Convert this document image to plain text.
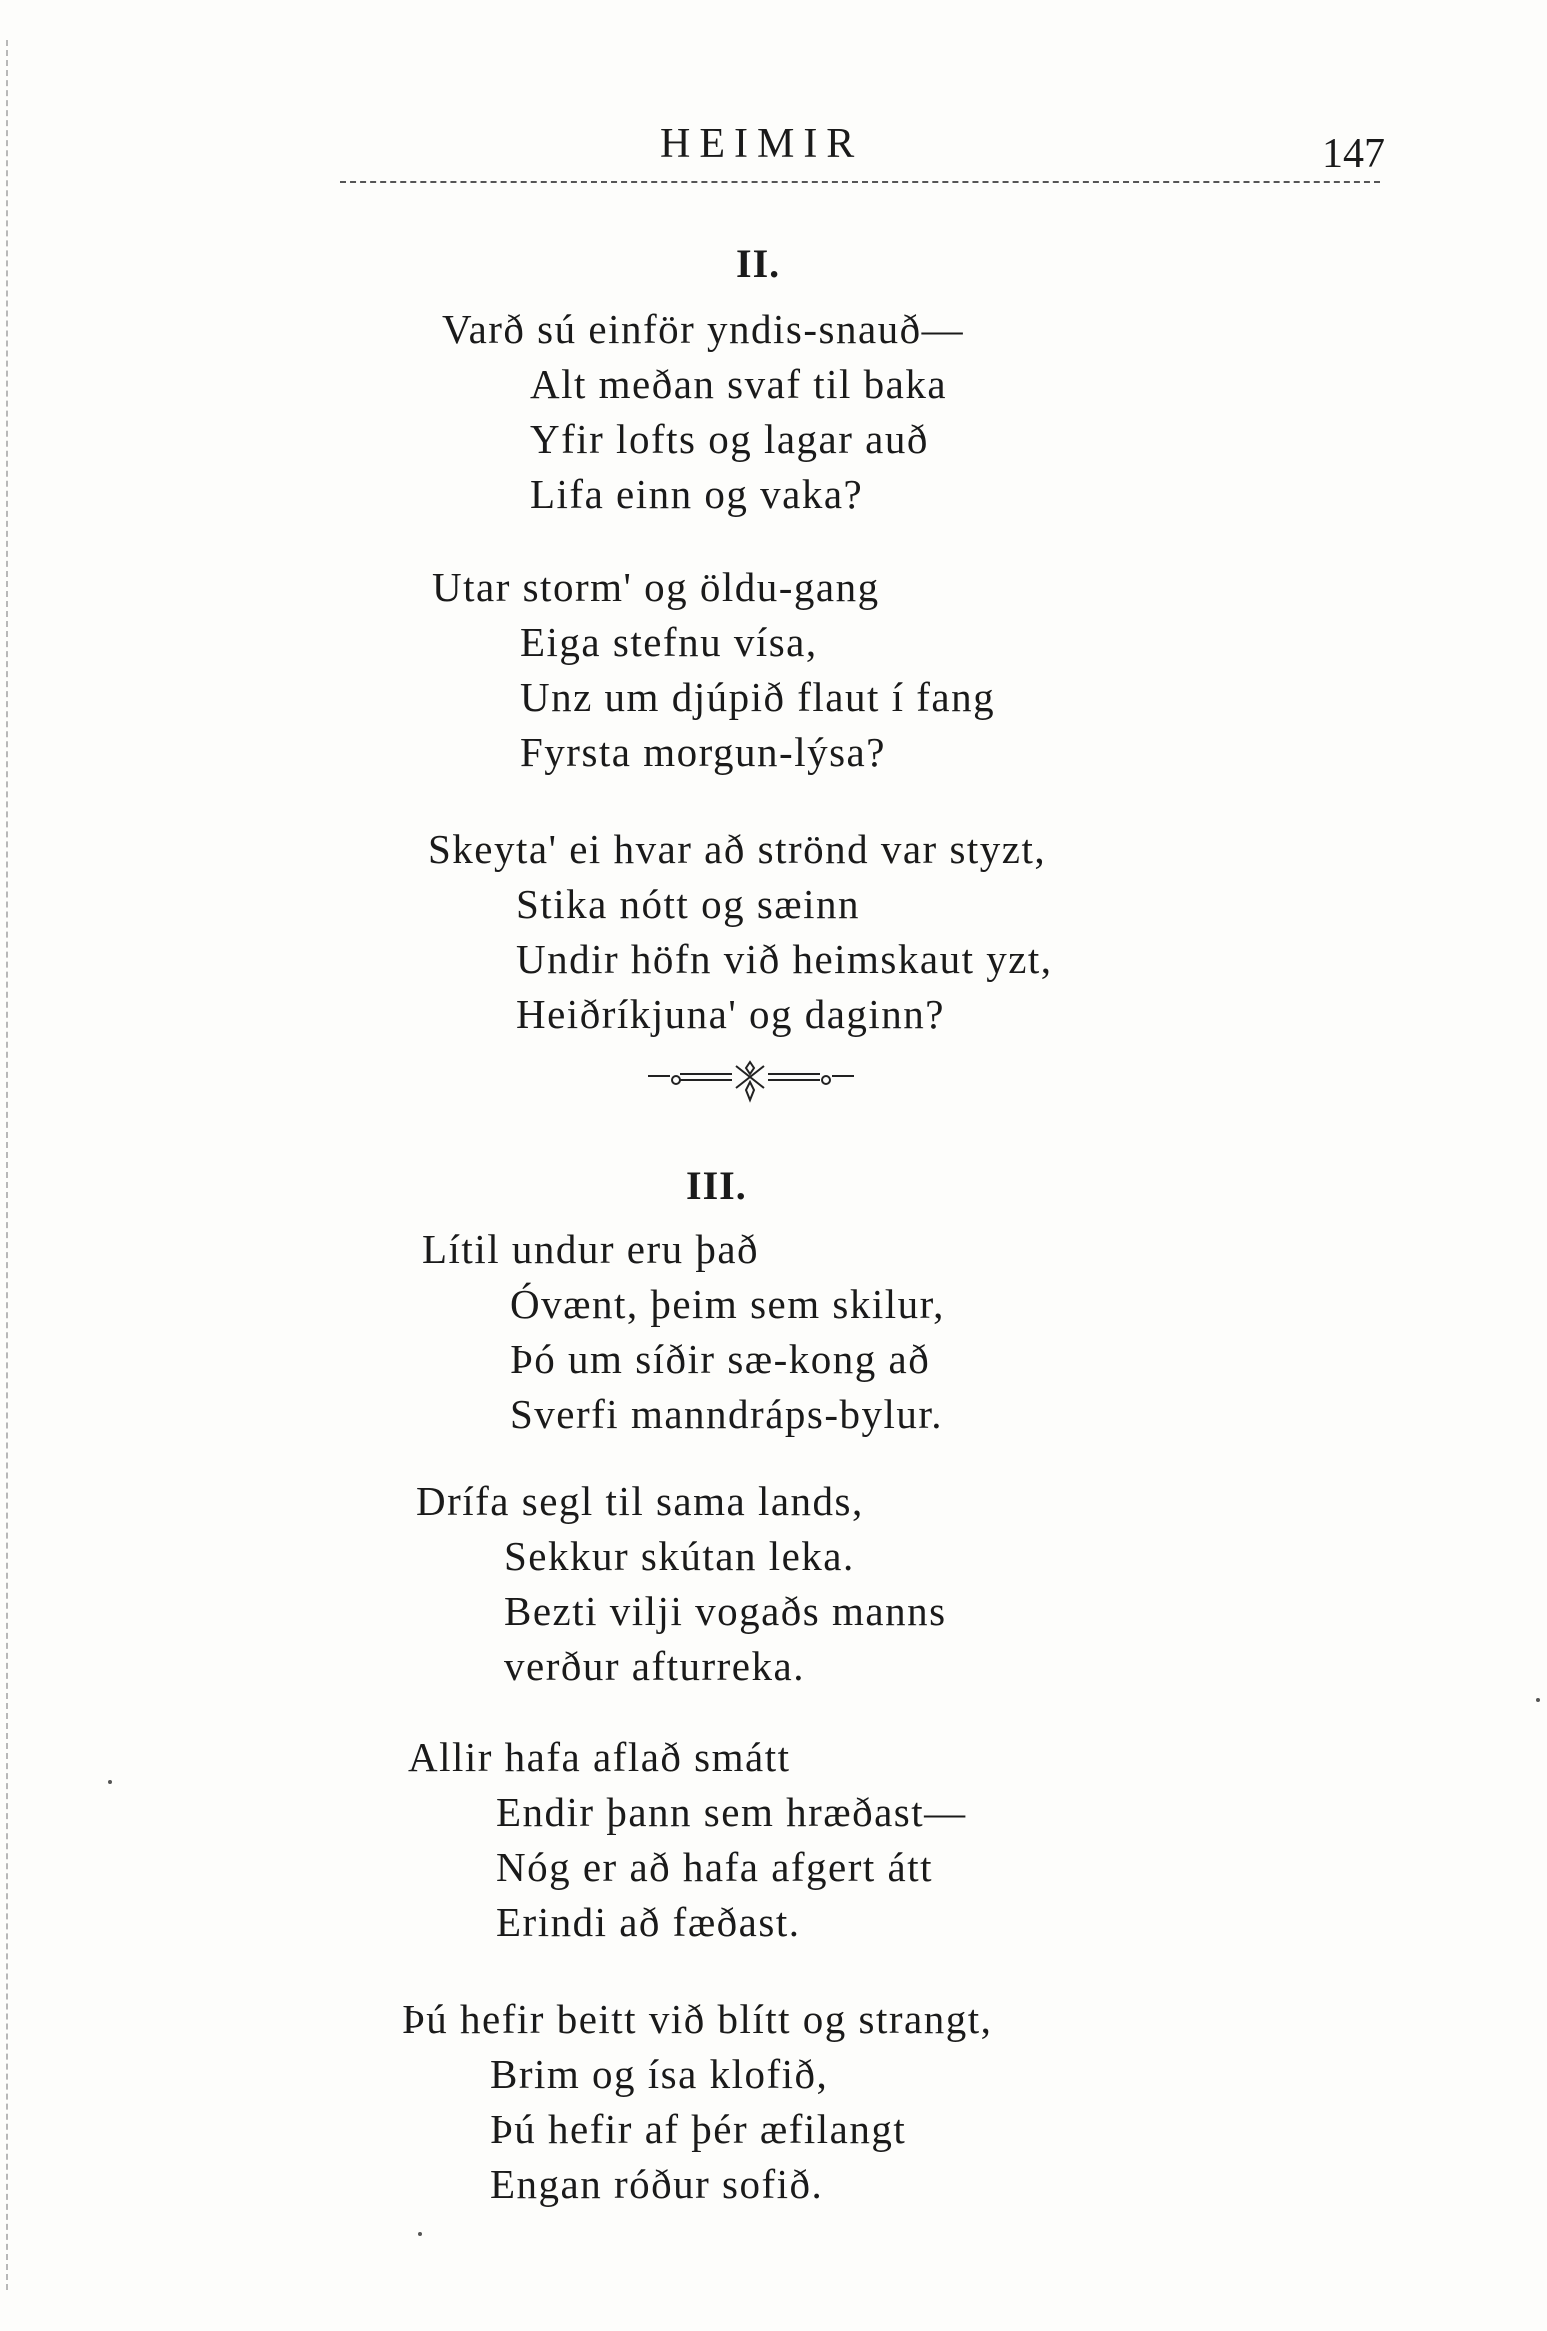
HEIMIR	147
II.
Varð sú einför yndis-snauð—
Alt meðan svaf til baka
Yfir lofts og lagar auð
Lifa einn og vaka?
Utar storm' og öldu-gang
Eiga stefnu vísa,
Unz um djúpið flaut í fang
Fyrsta morgun-lýsa?
Skeyta' ei hvar að strönd var styzt,
Stika nótt og sæinn
Undir höfn við heimskaut yzt,
Heiðríkjuna' og daginn?
III.
Lítil undur eru það
Óvænt, þeim sem skilur,
Þó um síðir sæ-kong að
Sverfi manndráps-bylur.
Drífa segl til sama lands,
Sekkur skútan leka.
Bezti vilji vogaðs manns
verður afturreka.
Allir hafa aflað smátt
Endir þann sem hræðast—
Nóg er að hafa afgert átt
Erindi að fæðast.
Þú hefir beitt við blítt og strangt,
Brim og ísa klofið,
Þú hefir af þér æfilangt
Engan róður sofið.
